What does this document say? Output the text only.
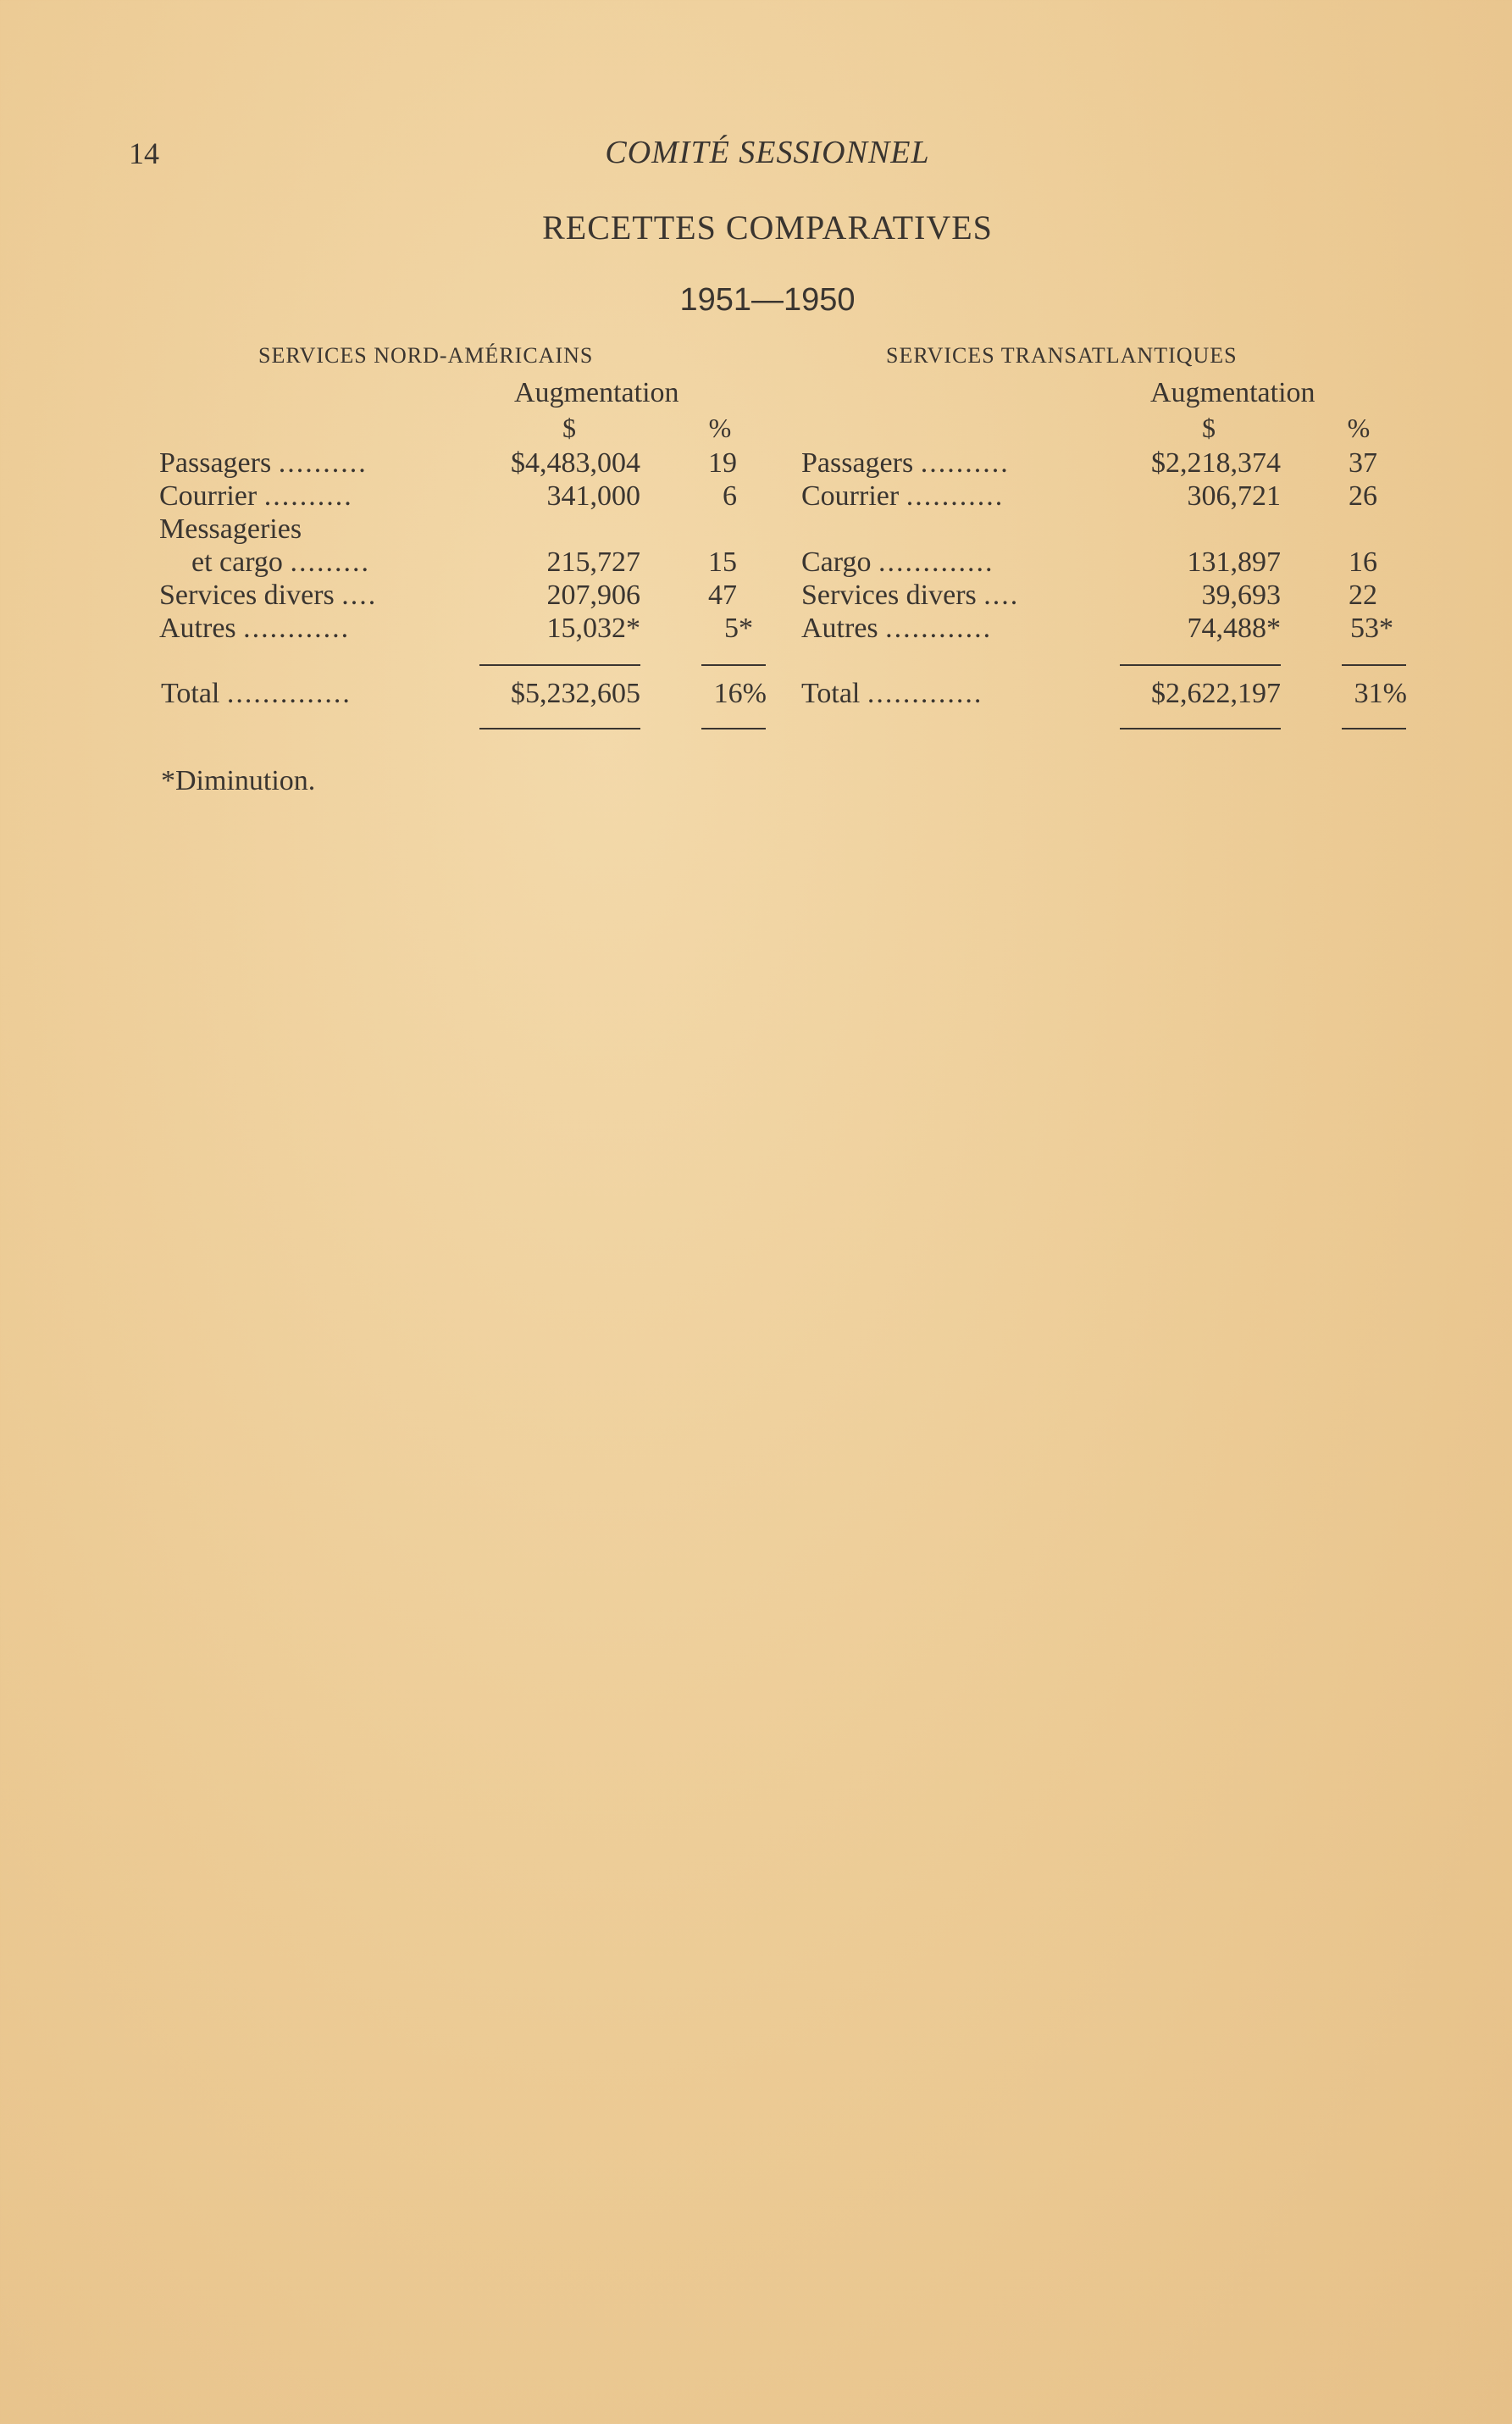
14	COMITÉ SESSIONNEL
RECETTES COMPARATIVES
1951—1950
SERVICES NORD-AMÉRICAINS
Augmentation
$	%
Passagers ..........	$4,483,004	19
Courrier ..........	341,000	6
Messageries
et cargo .........	215,727	15
Services divers ....	207,906	47
Autres ............	15,032*	5*
Total ..............	$5,232,605	16%
SERVICES TRANSATLANTIQUES
Augmentation
$	%
Passagers ..........	$2,218,374	37
Courrier ...........	306,721	26
Cargo .............	131,897	16
Services divers ....	39,693	22
Autres ............	74,488*	53*
Total .............	$2,622,197	31%
*Diminution.
